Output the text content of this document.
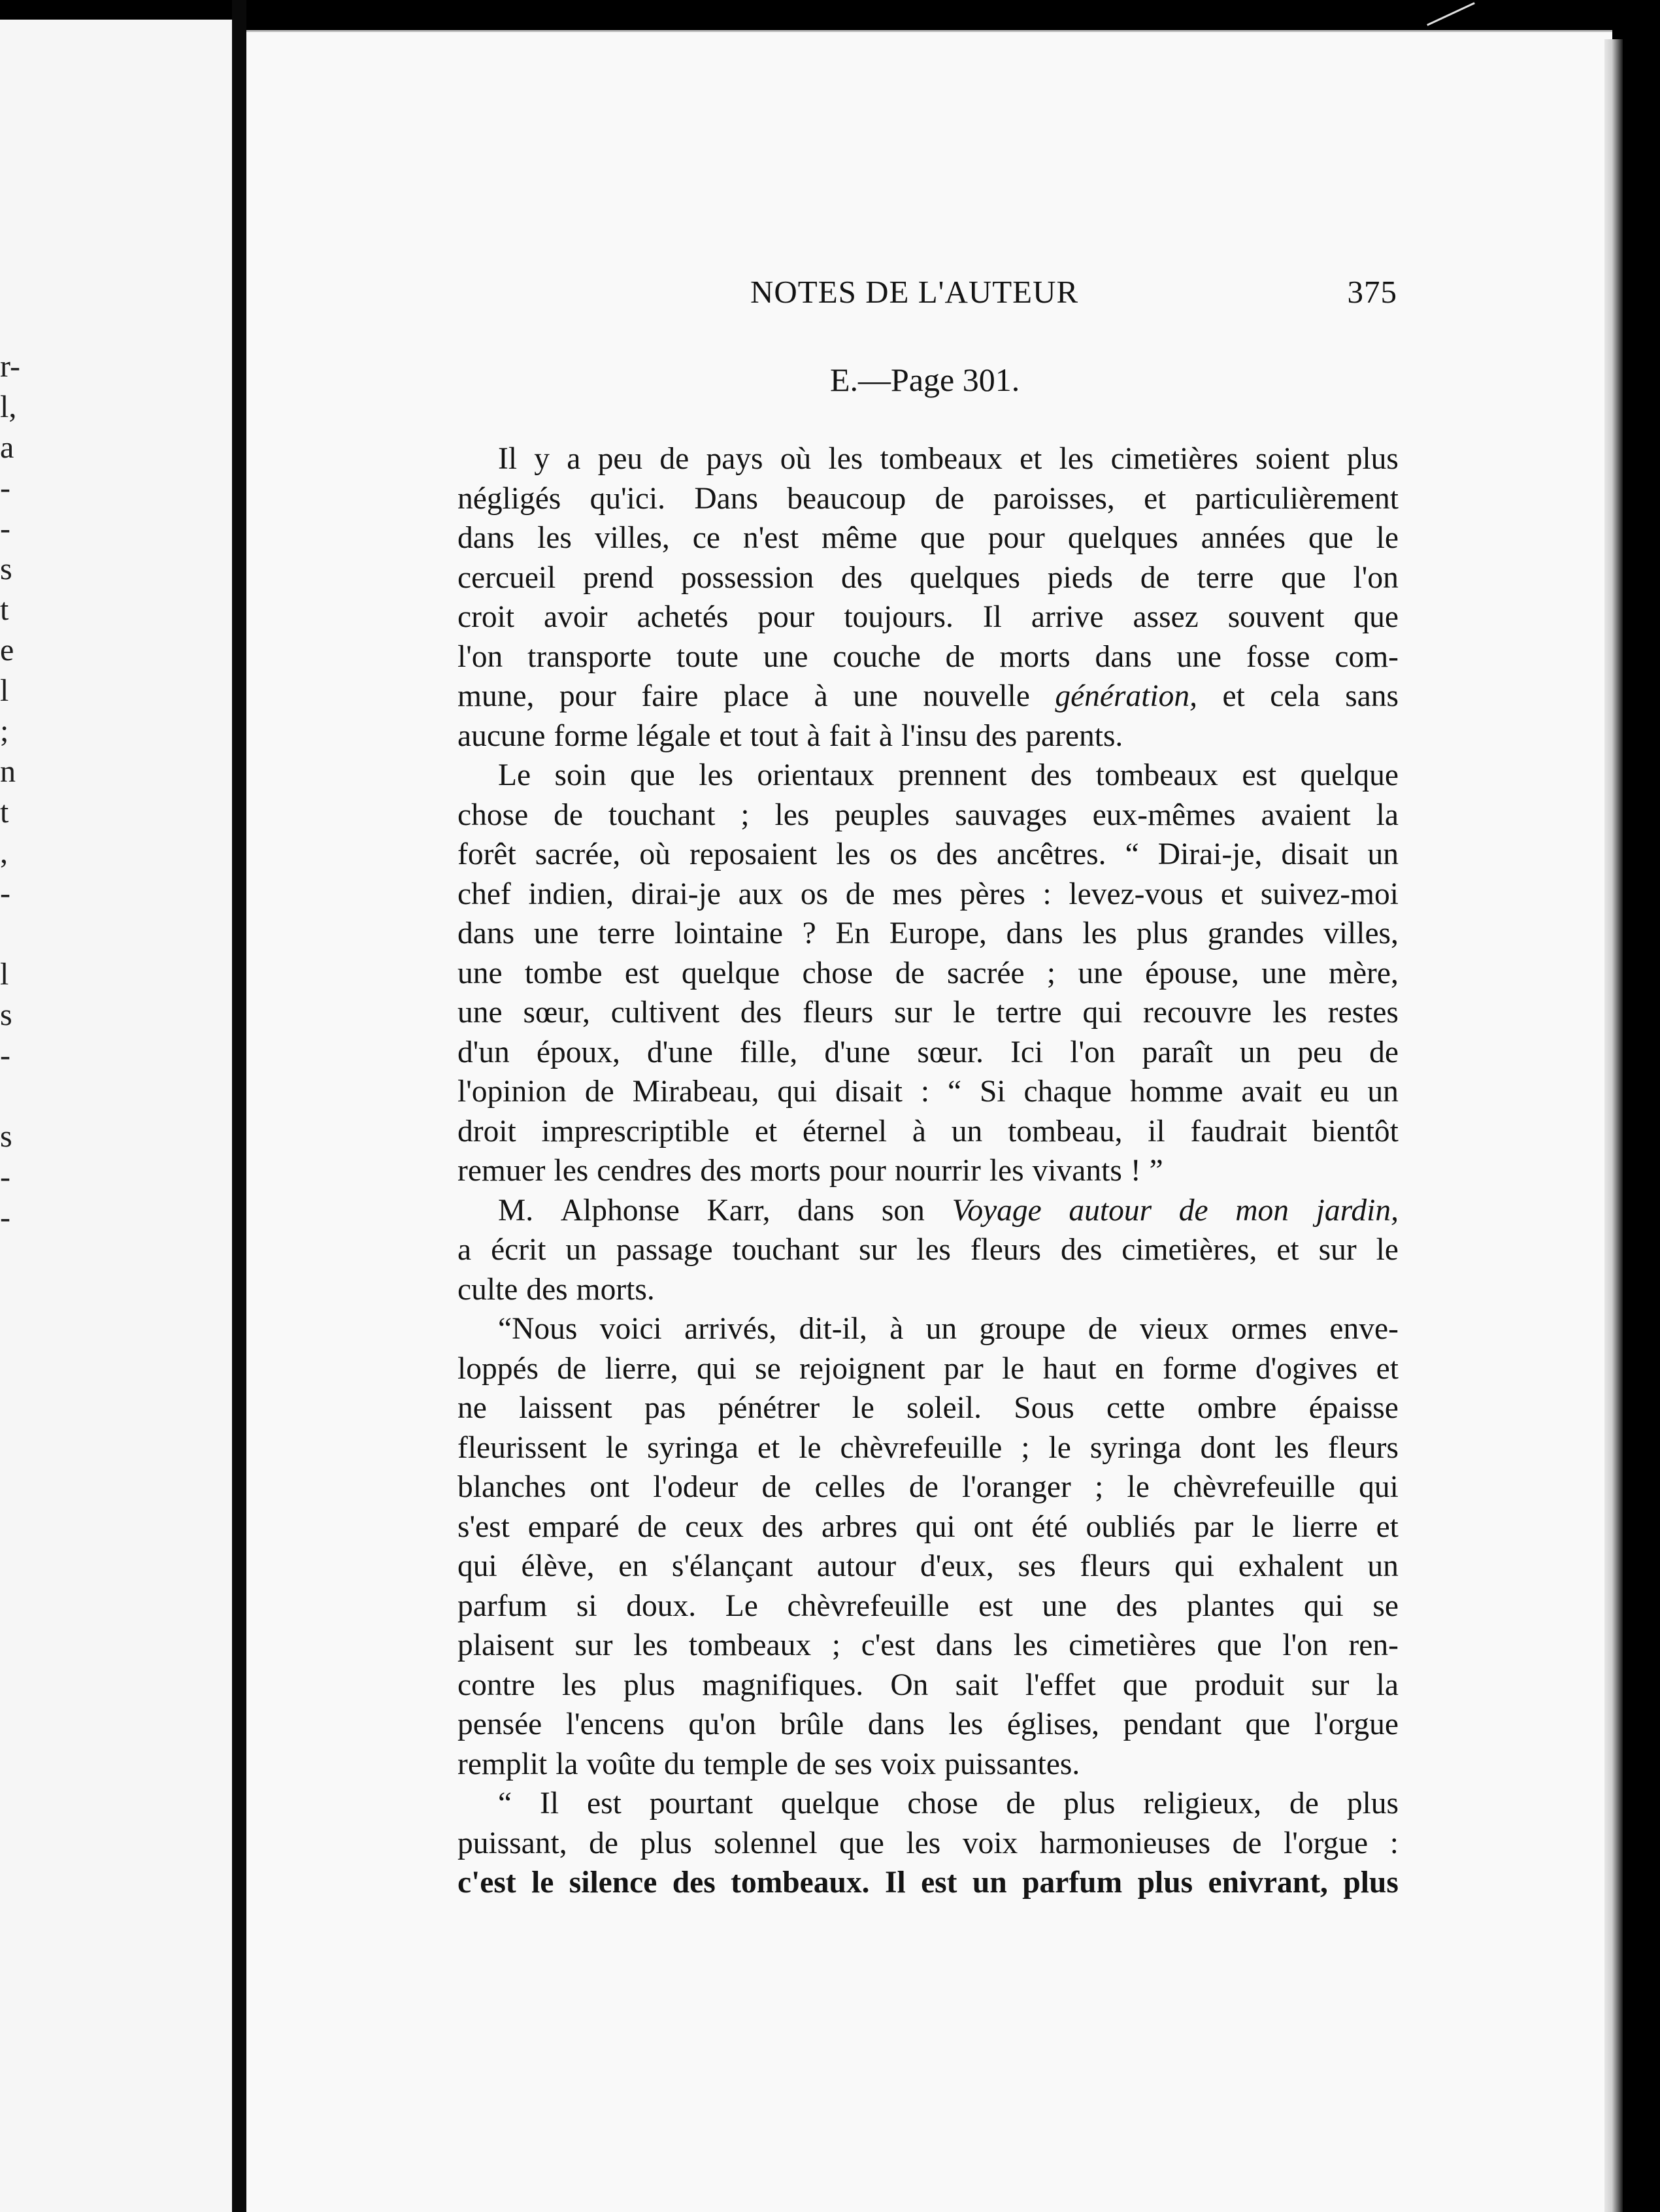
r-
l,
a
-
-
s
t
e
l
;
n
t
,
-
l
s
-
s
-
-
NOTES DE L'AUTEUR	375
E.—Page 301.
Il y a peu de pays où les tombeaux et les cimetières soient plus
négligés qu'ici. Dans beaucoup de paroisses, et particulièrement
dans les villes, ce n'est même que pour quelques années que le
cercueil prend possession des quelques pieds de terre que l'on
croit avoir achetés pour toujours. Il arrive assez souvent que
l'on transporte toute une couche de morts dans une fosse com-
mune, pour faire place à une nouvelle génération, et cela sans
aucune forme légale et tout à fait à l'insu des parents.
Le soin que les orientaux prennent des tombeaux est quelque
chose de touchant ; les peuples sauvages eux-mêmes avaient la
forêt sacrée, où reposaient les os des ancêtres. “ Dirai-je, disait un
chef indien, dirai-je aux os de mes pères : levez-vous et suivez-moi
dans une terre lointaine ? En Europe, dans les plus grandes villes,
une tombe est quelque chose de sacrée ; une épouse, une mère,
une sœur, cultivent des fleurs sur le tertre qui recouvre les restes
d'un époux, d'une fille, d'une sœur. Ici l'on paraît un peu de
l'opinion de Mirabeau, qui disait : “ Si chaque homme avait eu un
droit imprescriptible et éternel à un tombeau, il faudrait bientôt
remuer les cendres des morts pour nourrir les vivants ! ”
M. Alphonse Karr, dans son Voyage autour de mon jardin,
a écrit un passage touchant sur les fleurs des cimetières, et sur le
culte des morts.
“Nous voici arrivés, dit-il, à un groupe de vieux ormes enve-
loppés de lierre, qui se rejoignent par le haut en forme d'ogives et
ne laissent pas pénétrer le soleil. Sous cette ombre épaisse
fleurissent le syringa et le chèvrefeuille ; le syringa dont les fleurs
blanches ont l'odeur de celles de l'oranger ; le chèvrefeuille qui
s'est emparé de ceux des arbres qui ont été oubliés par le lierre et
qui élève, en s'élançant autour d'eux, ses fleurs qui exhalent un
parfum si doux. Le chèvrefeuille est une des plantes qui se
plaisent sur les tombeaux ; c'est dans les cimetières que l'on ren-
contre les plus magnifiques. On sait l'effet que produit sur la
pensée l'encens qu'on brûle dans les églises, pendant que l'orgue
remplit la voûte du temple de ses voix puissantes.
“ Il est pourtant quelque chose de plus religieux, de plus
puissant, de plus solennel que les voix harmonieuses de l'orgue :
c'est le silence des tombeaux. Il est un parfum plus enivrant, plus
